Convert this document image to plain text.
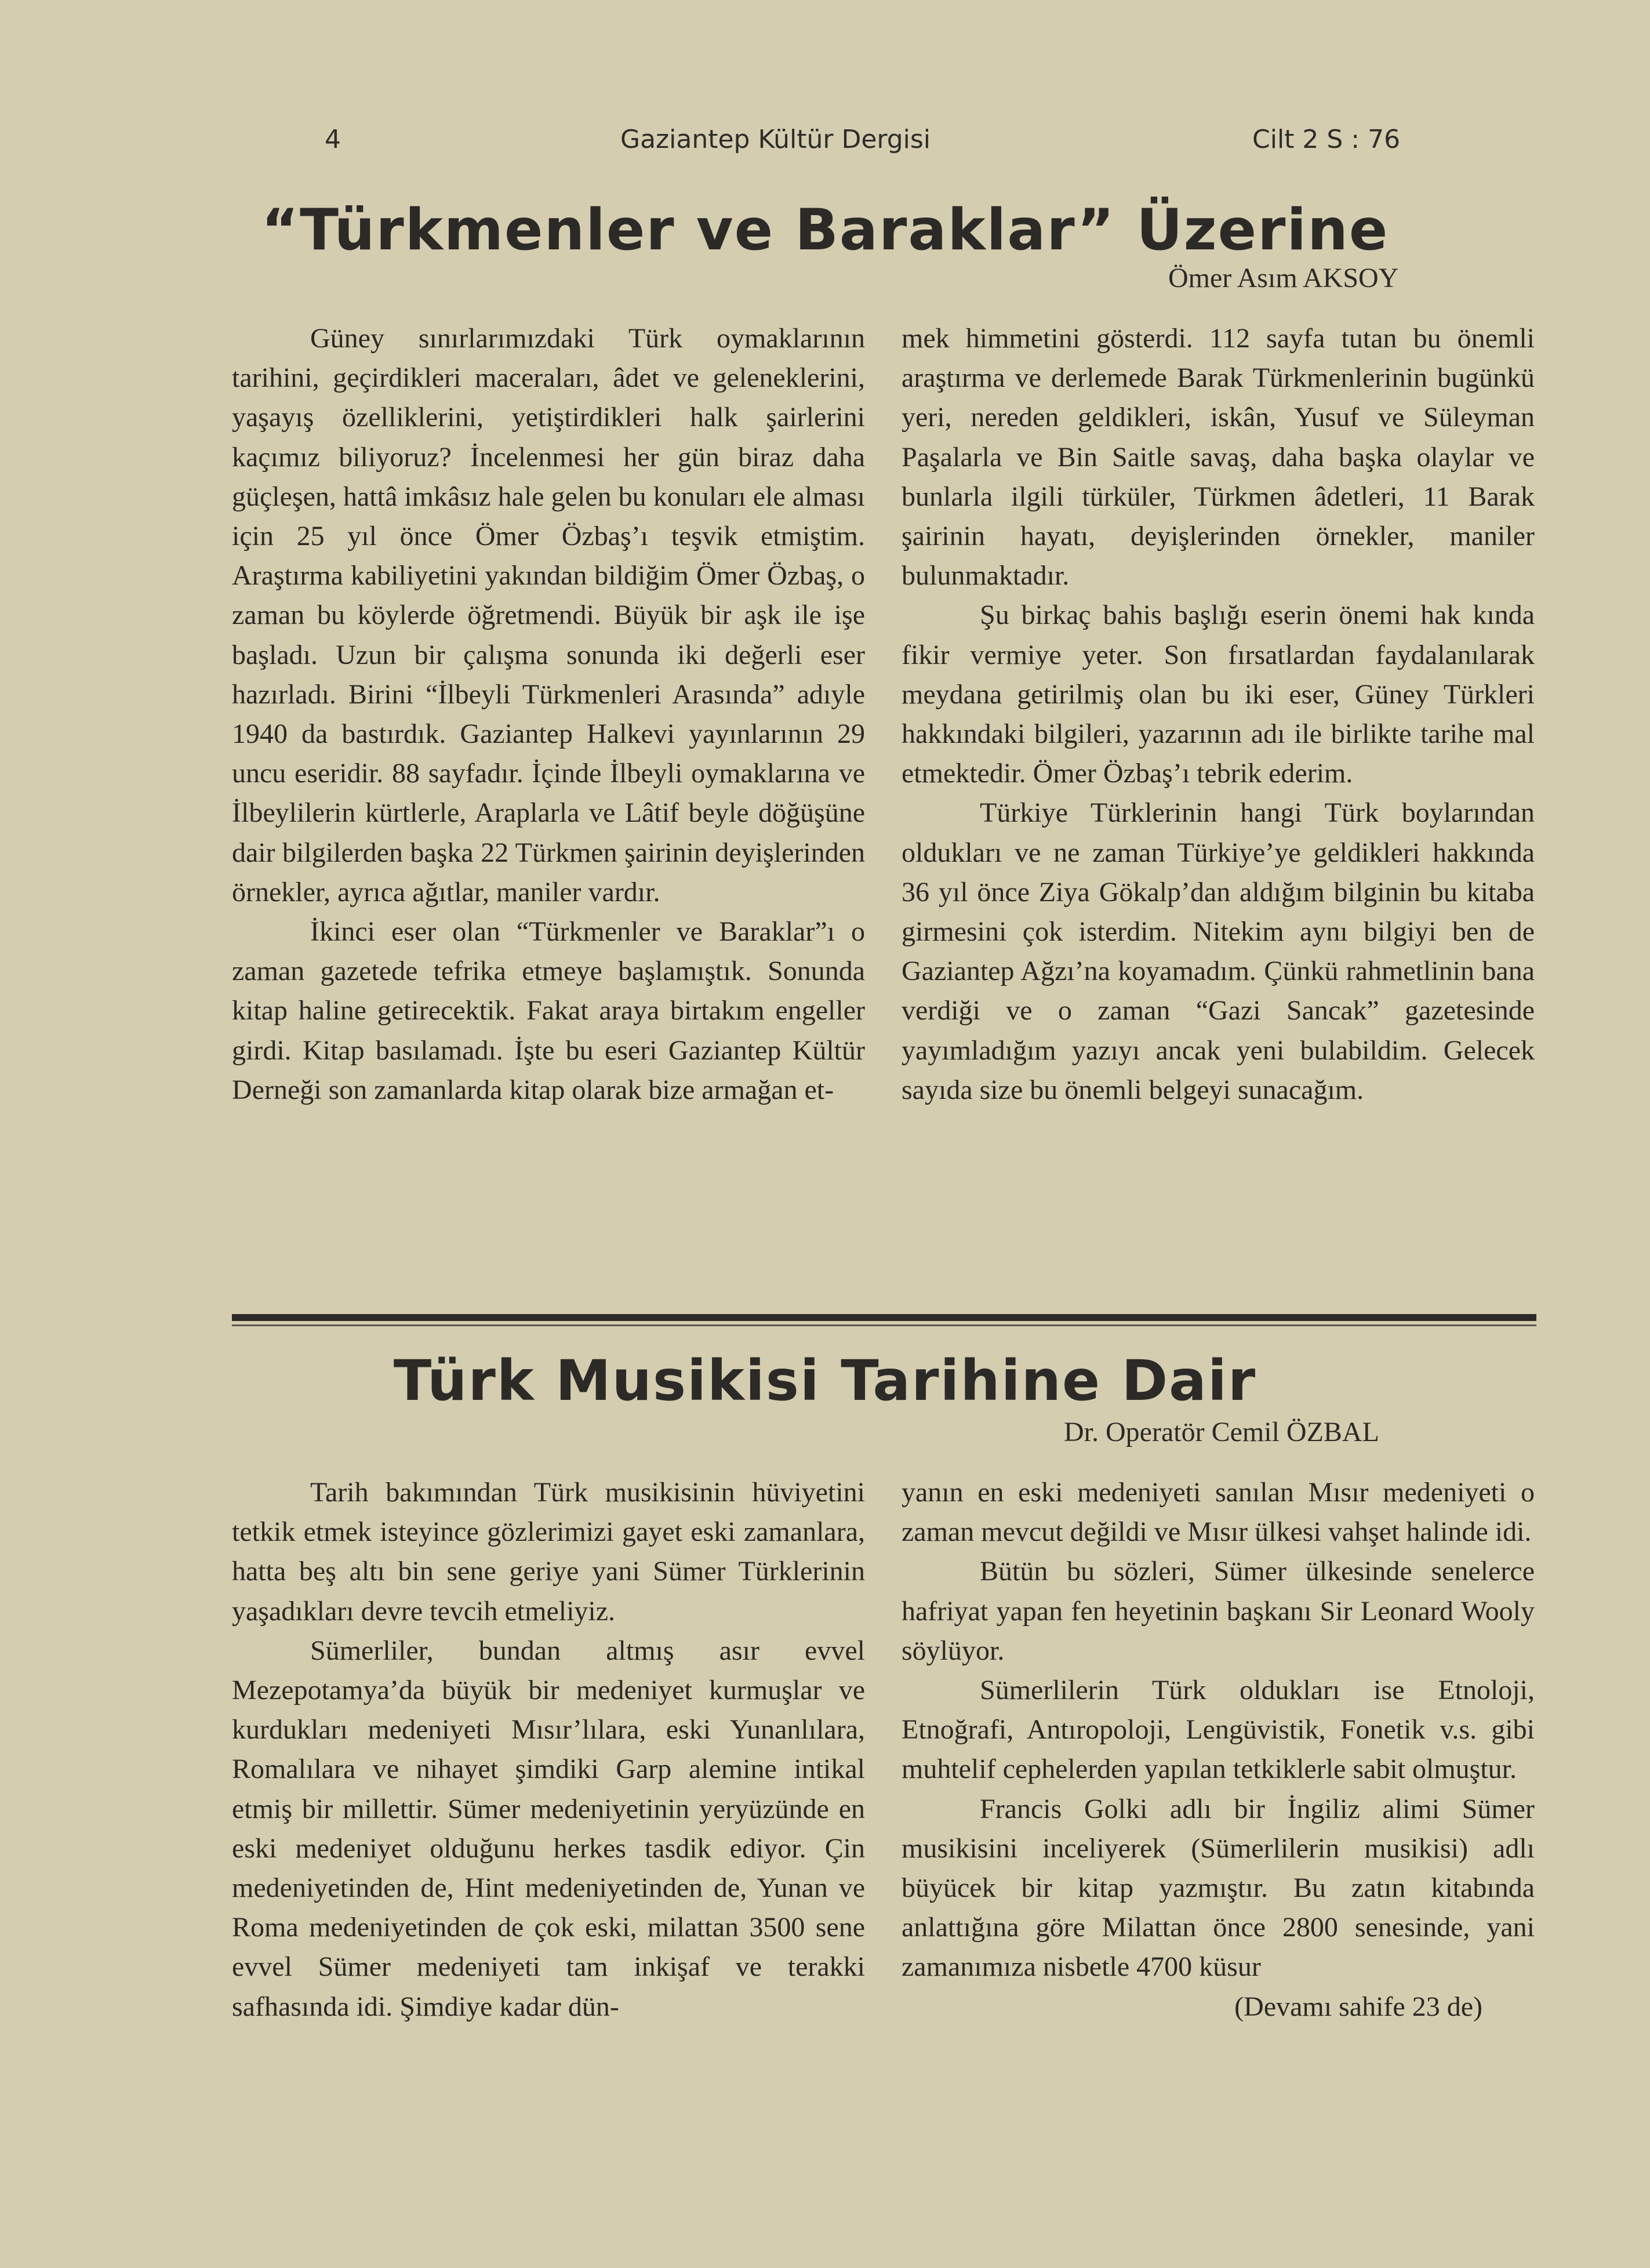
4	Gaziantep Kültür Dergisi	Cilt 2 S : 76
“Türkmenler ve Baraklar” Üzerine
Ömer Asım AKSOY

Güney sınırlarımızdaki Türk oymaklarının tarihini, geçirdikleri maceraları, âdet ve geleneklerini, yaşayış özelliklerini, yetiştirdikleri halk şairlerini kaçımız biliyoruz? İncelenmesi her gün biraz daha güçleşen, hattâ imkâsız hale gelen bu konuları ele alması için 25 yıl önce Ömer Özbaş’ı teşvik etmiştim. Araştırma kabiliyetini yakından bildiğim Ömer Özbaş, o zaman bu köylerde öğretmendi. Büyük bir aşk ile işe başladı. Uzun bir çalışma sonunda iki değerli eser hazırladı. Birini “İlbeyli Türkmenleri Arasında” adıyle 1940 da bastırdık. Gaziantep Halkevi yayınlarının 29 uncu eseridir. 88 sayfadır. İçinde İlbeyli oymaklarına ve İlbeylilerin kürtlerle, Araplarla ve Lâtif beyle döğüşüne dair bilgilerden başka 22 Türkmen şairinin deyişlerinden örnekler, ayrıca ağıtlar, maniler vardır.

İkinci eser olan “Türkmenler ve Baraklar”ı o zaman gazetede tefrika etmeye başlamıştık. Sonunda kitap haline getirecektik. Fakat araya birtakım engeller girdi. Kitap basılamadı. İşte bu eseri Gaziantep Kültür Derneği son zamanlarda kitap olarak bize armağan et-

mek himmetini gösterdi. 112 sayfa tutan bu önemli araştırma ve derlemede Barak Türkmenlerinin bugünkü yeri, nereden geldikleri, iskân, Yusuf ve Süleyman Paşalarla ve Bin Saitle savaş, daha başka olaylar ve bunlarla ilgili türküler, Türkmen âdetleri, 11 Barak şairinin hayatı, deyişlerinden örnekler, maniler bulunmaktadır.

Şu birkaç bahis başlığı eserin önemi hak kında fikir vermiye yeter. Son fırsatlardan faydalanılarak meydana getirilmiş olan bu iki eser, Güney Türkleri hakkındaki bilgileri, yazarının adı ile birlikte tarihe mal etmektedir. Ömer Özbaş’ı tebrik ederim.

Türkiye Türklerinin hangi Türk boylarından oldukları ve ne zaman Türkiye’ye geldikleri hakkında 36 yıl önce Ziya Gökalp’dan aldığım bilginin bu kitaba girmesini çok isterdim. Nitekim aynı bilgiyi ben de Gaziantep Ağzı’na koyamadım. Çünkü rahmetlinin bana verdiği ve o zaman “Gazi Sancak” gazetesinde yayımladığım yazıyı ancak yeni bulabildim. Gelecek sayıda size bu önemli belgeyi sunacağım.

Türk Musikisi Tarihine Dair
Dr. Operatör Cemil ÖZBAL

Tarih bakımından Türk musikisinin hüviyetini tetkik etmek isteyince gözlerimizi gayet eski zamanlara, hatta beş altı bin sene geriye yani Sümer Türklerinin yaşadıkları devre tevcih etmeliyiz.

Sümerliler, bundan altmış asır evvel Mezepotamya’da büyük bir medeniyet kurmuşlar ve kurdukları medeniyeti Mısır’lılara, eski Yunanlılara, Romalılara ve nihayet şimdiki Garp alemine intikal etmiş bir millettir. Sümer medeniyetinin yeryüzünde en eski medeniyet olduğunu herkes tasdik ediyor. Çin medeniyetinden de, Hint medeniyetinden de, Yunan ve Roma medeniyetinden de çok eski, milattan 3500 sene evvel Sümer medeniyeti tam inkişaf ve terakki safhasında idi. Şimdiye kadar dün-

yanın en eski medeniyeti sanılan Mısır medeniyeti o zaman mevcut değildi ve Mısır ülkesi vahşet halinde idi.

Bütün bu sözleri, Sümer ülkesinde senelerce hafriyat yapan fen heyetinin başkanı Sir Leonard Wooly söylüyor.

Sümerlilerin Türk oldukları ise Etnoloji, Etnoğrafi, Antıropoloji, Lengüvistik, Fonetik v.s. gibi muhtelif cephelerden yapılan tetkiklerle sabit olmuştur.

Francis Golki adlı bir İngiliz alimi Sümer musikisini inceliyerek (Sümerlilerin musikisi) adlı büyücek bir kitap yazmıştır. Bu zatın kitabında anlattığına göre Milattan önce 2800 senesinde, yani zamanımıza nisbetle 4700 küsur

(Devamı sahife 23 de)
